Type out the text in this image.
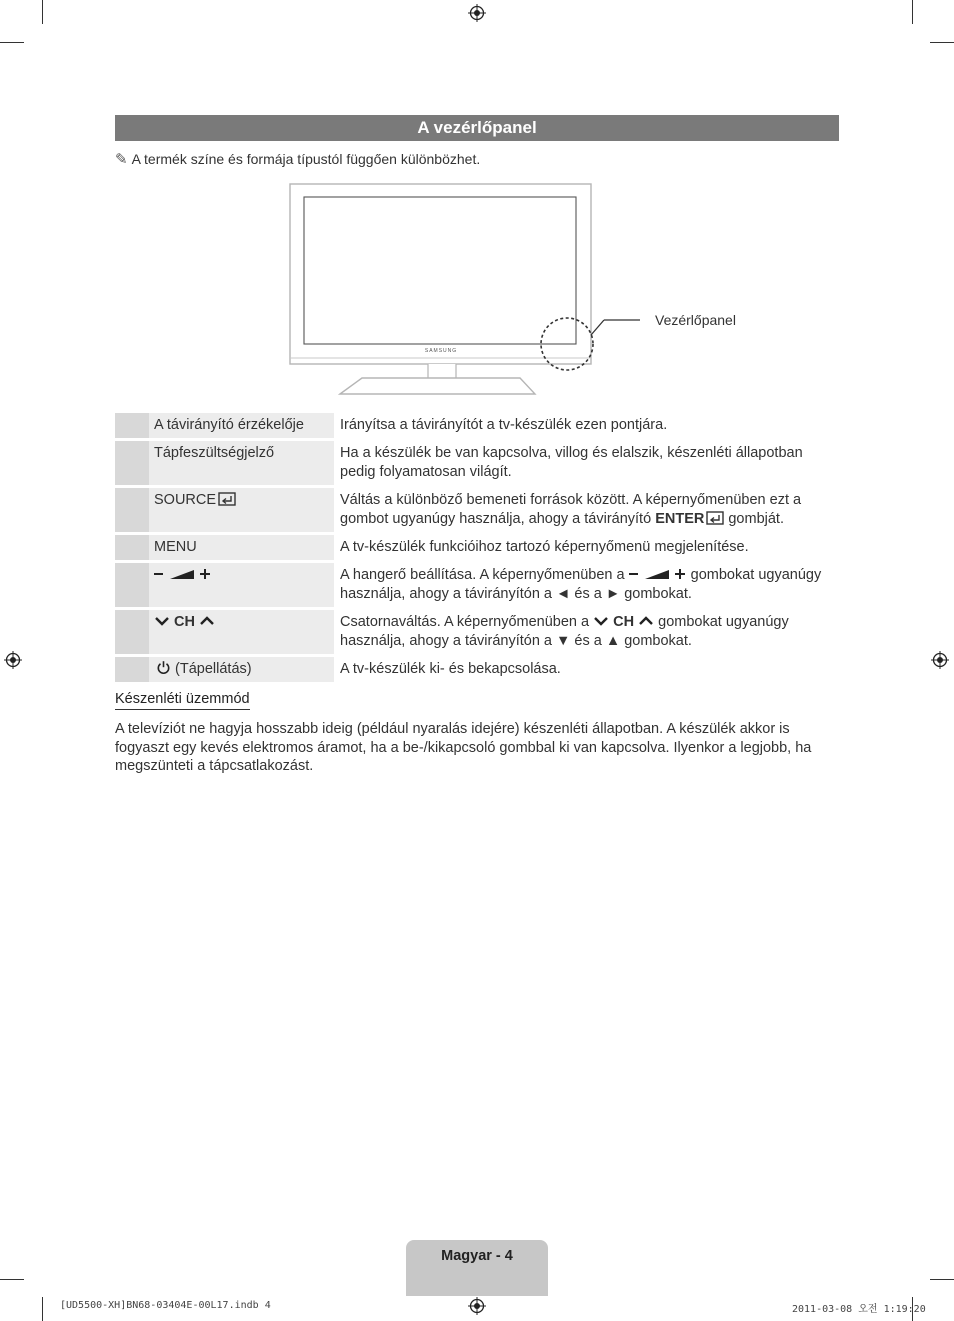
A vezérlőpanel
✎ A termék színe és formája típustól függően különbözhet.
SAMSUNG
Vezérlőpanel
	A távirányító érzékelője	Irányítsa a távirányítót a tv-készülék ezen pontjára.
	Tápfeszültségjelző	Ha a készülék be van kapcsolva, villog és elalszik, készenléti állapotban pedig folyamatosan világít.
	SOURCE	Váltás a különböző bemeneti források között. A képernyőmenüben ezt a gombot ugyanúgy használja, ahogy a távirányító ENTER gombját.
	MENU	A tv-készülék funkcióihoz tartozó képernyőmenü megjelenítése.
		A hangerő beállítása. A képernyőmenüben a gombokat ugyanúgy használja, ahogy a távirányítón a ◄ és a ► gombokat.
	CH	Csatornaváltás. A képernyőmenüben a  CH  gombokat ugyanúgy használja, ahogy a távirányítón a ▼ és a ▲ gombokat.
	(Tápellátás)	A tv-készülék ki- és bekapcsolása.
Készenléti üzemmód
A televíziót ne hagyja hosszabb ideig (például nyaralás idejére) készenléti állapotban. A készülék akkor is fogyaszt egy kevés elektromos áramot, ha a be-/kikapcsoló gombbal ki van kapcsolva. Ilyenkor a legjobb, ha megszünteti a tápcsatlakozást.
Magyar - 4
[UD5500-XH]BN68-03404E-00L17.indb 4	2011-03-08 오전 1:19:20
